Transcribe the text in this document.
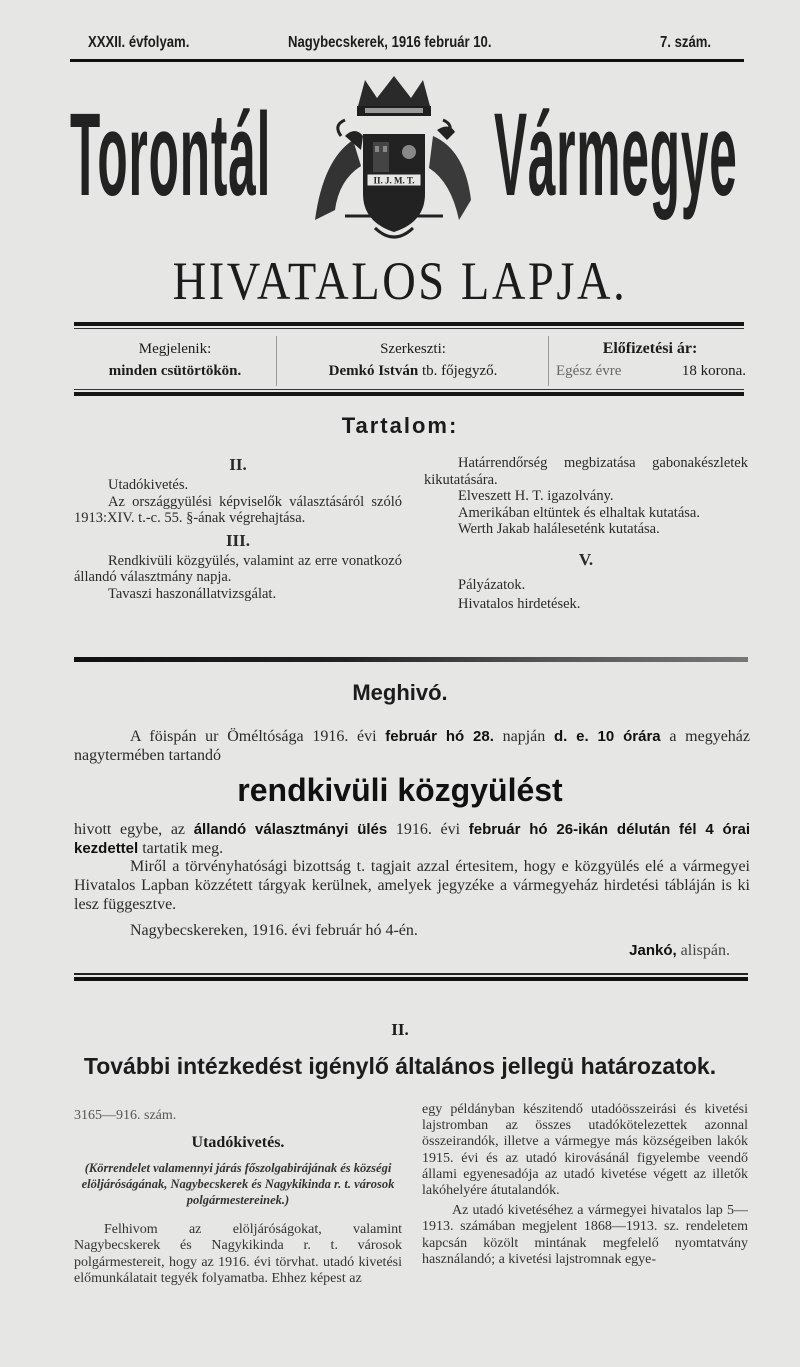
XXXII. évfolyam.	Nagybecskerek, 1916 február 10.	7. szám.
Torontál Vármegye
II. J. M. T.
HIVATALOS LAPJA.
Megjelenik:
minden csütörtökön.
Szerkeszti:
Demkó István tb. főjegyző.
Előfizetési ár:
Egész évre	18 korona.
Tartalom:
II.

Utadókivetés.

Az országgyülési képviselők választásáról szóló 1913:XIV. t.-c. 55. §-ának végrehajtása.

III.

Rendkivüli közgyülés, valamint az erre vonatkozó állandó választmány napja.

Tavaszi haszonállatvizsgálat.

Határrendőrség megbizatása gabonakészletek kikutatására.

Elveszett H. T. igazolvány.

Amerikában eltüntek és elhaltak kutatása.

Werth Jakab haláleseténk kutatása.

V.

Pályázatok.

Hivatalos hirdetések.

Meghivó.
A föispán ur Öméltósága 1916. évi február hó 28. napján d. e. 10 órára a megyeház nagytermében tartandó
rendkivüli közgyülést
hivott egybe, az állandó választmányi ülés 1916. évi február hó 26-ikán délután fél 4 órai kezdettel tartatik meg.
Miről a törvényhatósági bizottság t. tagjait azzal értesitem, hogy e közgyülés elé a vármegyei Hivatalos Lapban közzétett tárgyak kerülnek, amelyek jegyzéke a vármegyeház hirdetési tábláján is ki lesz függesztve.
Nagybecskereken, 1916. évi február hó 4-én.
Jankó, alispán.
II.
További intézkedést igénylő általános jellegü határozatok.
3165—916. szám.
Utadókivetés.
(Körrendelet valamennyi járás főszolgabirájának és községi elöljáróságának, Nagybecskerek és Nagykikinda r. t. városok polgármestereinek.)
Felhivom az elöljáróságokat, valamint Nagybecskerek és Nagykikinda r. t. városok polgármestereit, hogy az 1916. évi törvhat. utadó kivetési előmunkálatait tegyék folyamatba. Ehhez képest az
egy példányban készitendő utadóösszeirási és kivetési lajstromban az összes utadókötelezettek azonnal összeirandók, illetve a vármegye más községeiben lakók 1915. évi és az utadó kirovásánál figyelembe veendő állami egyenesadója az utadó kivetése végett az illetők lakóhelyére átutalandók.
Az utadó kivetéséhez a vármegyei hivatalos lap 5—1913. számában megjelent 1868—1913. sz. rendeletem kapcsán közölt mintának megfelelő nyomtatvány használandó; a kivetési lajstromnak egye-
